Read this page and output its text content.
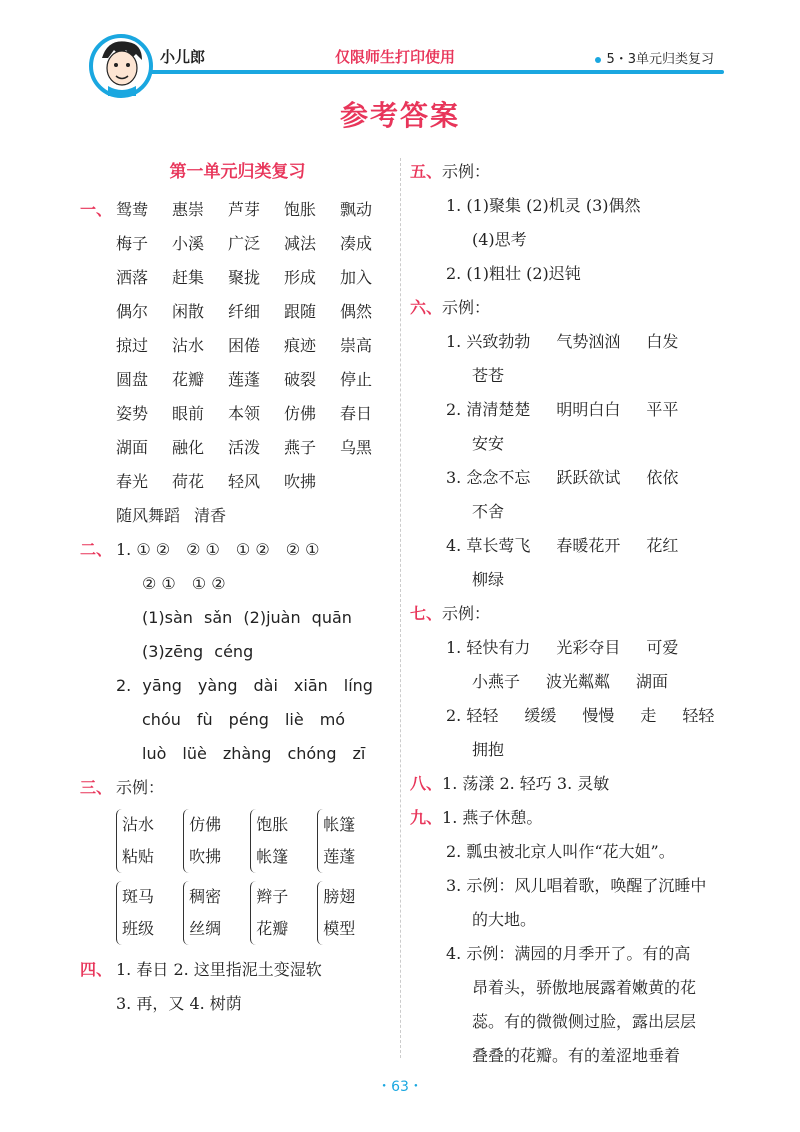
小儿郎	仅限师生打印使用	5・3单元归类复习
参考答案
第一单元归类复习
一、 鸳鸯 惠崇 芦芽 饱胀 飘动
梅子 小溪 广泛 减法 凑成
洒落 赶集 聚拢 形成 加入
偶尔 闲散 纤细 跟随 偶然
掠过 沾水 困倦 痕迹 崇高
圆盘 花瓣 莲蓬 破裂 停止
姿势 眼前 本领 仿佛 春日
湖面 融化 活泼 燕子 乌黑
春光 荷花 轻风 吹拂
随风舞蹈 清香
二、 1. ① ② ② ① ① ② ② ①
② ① ① ②
(1)sàn sǎn (2)juàn quān
(3)zēng céng
2. yāng yàng dài xiān líng
chóu fù péng liè mó
luò lüè zhàng chóng zī
三、 示例：
沾水
粘贴

仿佛
吹拂

饱胀
帐篷

帐篷
莲蓬
斑马
班级

稠密
丝绸

辫子
花瓣

膀翅
模型
四、 1. 春日 2. 这里指泥土变湿软
3. 再，又 4. 树荫
五、示例：
1. (1)聚集 (2)机灵 (3)偶然
(4)思考
2. (1)粗壮 (2)迟钝
六、示例：
1. 兴致勃勃 气势汹汹 白发
苍苍
2. 清清楚楚 明明白白 平平
安安
3. 念念不忘 跃跃欲试 依依
不舍
4. 草长莺飞 春暖花开 花红
柳绿
七、示例：
1. 轻快有力 光彩夺目 可爱
小燕子 波光粼粼 湖面
2. 轻轻 缓缓 慢慢 走 轻轻
拥抱
八、1. 荡漾 2. 轻巧 3. 灵敏
九、1. 燕子休憩。
2. 瓢虫被北京人叫作“花大姐”。
3. 示例：风儿唱着歌，唤醒了沉睡中
的大地。
4. 示例：满园的月季开了。有的高
昂着头，骄傲地展露着嫩黄的花
蕊。有的微微侧过脸，露出层层
叠叠的花瓣。有的羞涩地垂着
・63・
